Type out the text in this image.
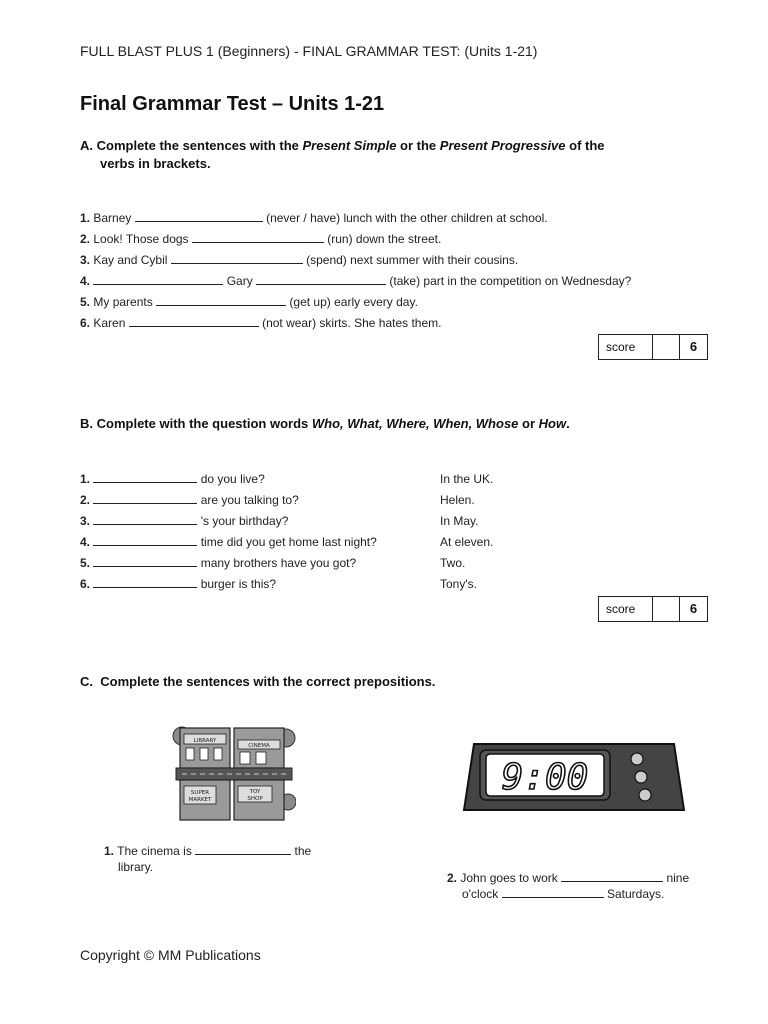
FULL BLAST PLUS 1 (Beginners) - FINAL GRAMMAR TEST: (Units 1-21)
Final Grammar Test – Units 1-21
A. Complete the sentences with the Present Simple or the Present Progressive of the
verbs in brackets.
1. Barney	(never / have) lunch with the other children at school.
2. Look! Those dogs	(run) down the street.
3. Kay and Cybil	(spend) next summer with their cousins.
4.	Gary	(take) part in the competition on Wednesday?
5. My parents	(get up) early every day.
6. Karen	(not wear) skirts. She hates them.
score	6
B. Complete with the question words Who, What, Where, When, Whose or How.
1.	do you live?	In the UK.
2.	are you talking to?	Helen.
3.	's your birthday?	In May.
4.	time did you get home last night?	At eleven.
5.	many brothers have you got?	Two.
6.	burger is this?	Tony's.
score	6
C. Complete the sentences with the correct prepositions.
LIBRARY
CINEMA
SUPER
MARKET
TOY
SHOP
9:00
1. The cinema is	the
library.
2. John goes to work	nine
o'clock	Saturdays.
Copyright © MM Publications
